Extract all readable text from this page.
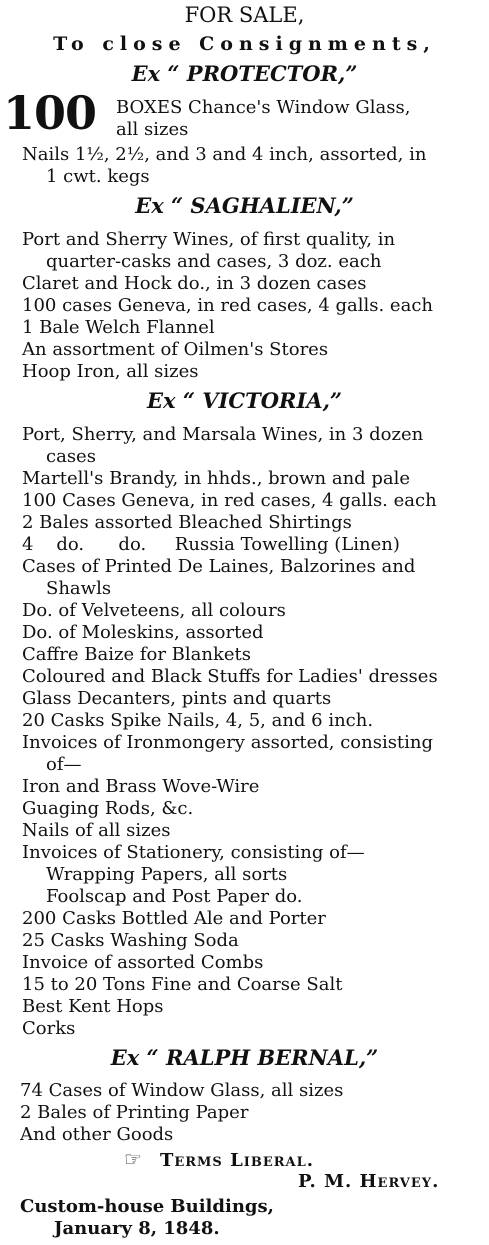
FOR SALE,
To close Consignments,
Ex “ PROTECTOR,”
100 BOXES Chance's Window Glass,
all sizes
Nails 1½, 2½, and 3 and 4 inch, assorted, in
1 cwt. kegs
Ex “ SAGHALIEN,”
Port and Sherry Wines, of first quality, in
quarter-casks and cases, 3 doz. each
Claret and Hock do., in 3 dozen cases
100 cases Geneva, in red cases, 4 galls. each
1 Bale Welch Flannel
An assortment of Oilmen's Stores
Hoop Iron, all sizes
Ex “ VICTORIA,”
Port, Sherry, and Marsala Wines, in 3 dozen
cases
Martell's Brandy, in hhds., brown and pale
100 Cases Geneva, in red cases, 4 galls. each
2 Bales assorted Bleached Shirtings
4    do.      do.     Russia Towelling (Linen)
Cases of Printed De Laines, Balzorines and
Shawls
Do. of Velveteens, all colours
Do. of Moleskins, assorted
Caffre Baize for Blankets
Coloured and Black Stuffs for Ladies' dresses
Glass Decanters, pints and quarts
20 Casks Spike Nails, 4, 5, and 6 inch.
Invoices of Ironmongery assorted, consisting
of—
Iron and Brass Wove-Wire
Guaging Rods, &c.
Nails of all sizes
Invoices of Stationery, consisting of—
Wrapping Papers, all sorts
Foolscap and Post Paper do.
200 Casks Bottled Ale and Porter
25 Casks Washing Soda
Invoice of assorted Combs
15 to 20 Tons Fine and Coarse Salt
Best Kent Hops
Corks
Ex “ RALPH BERNAL,”
74 Cases of Window Glass, all sizes
2 Bales of Printing Paper
And other Goods
☞ Terms Liberal.
P. M. Hervey.
Custom-house Buildings,
January 8, 1848.
